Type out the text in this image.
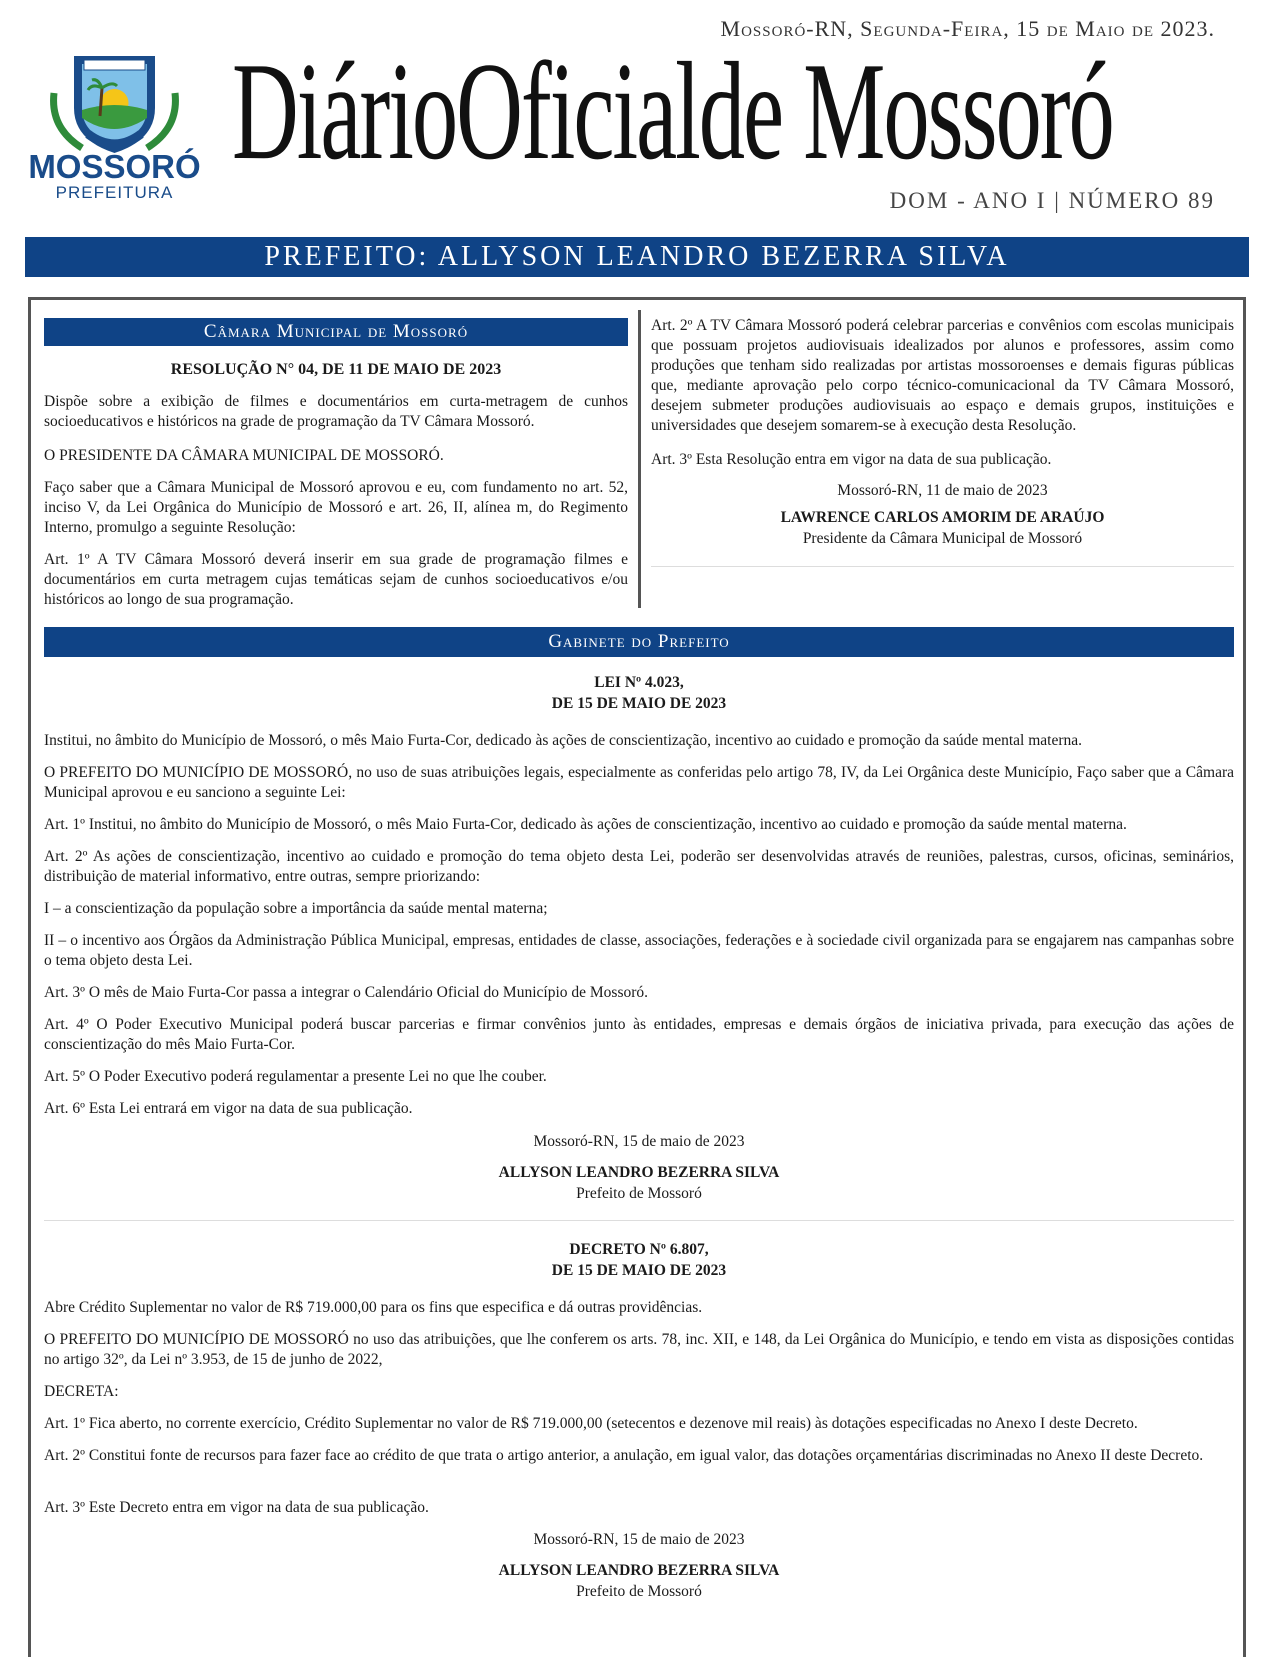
Mossoró-RN, Segunda-Feira, 15 de Maio de 2023.
MOSSORÓ
PREFEITURA
DiárioOficialde Mossoró
DOM - ANO I | NÚMERO 89
PREFEITO: ALLYSON LEANDRO BEZERRA SILVA
Câmara Municipal de Mossoró
RESOLUÇÃO N° 04, DE 11 DE MAIO DE 2023

Dispõe sobre a exibição de filmes e documentários em curta-metragem de cunhos socioeducativos e históricos na grade de programação da TV Câmara Mossoró.

O PRESIDENTE DA CÂMARA MUNICIPAL DE MOSSORÓ.

Faço saber que a Câmara Municipal de Mossoró aprovou e eu, com fundamento no art. 52, inciso V, da Lei Orgânica do Município de Mossoró e art. 26, II, alínea m, do Regimento Interno, promulgo a seguinte Resolução:

Art. 1º A TV Câmara Mossoró deverá inserir em sua grade de programação filmes e documentários em curta metragem cujas temáticas sejam de cunhos socioeducativos e/ou históricos ao longo de sua programação.

Art. 2º A TV Câmara Mossoró poderá celebrar parcerias e convênios com escolas municipais que possuam projetos audiovisuais idealizados por alunos e professores, assim como produções que tenham sido realizadas por artistas mossoroenses e demais figuras públicas que, mediante aprovação pelo corpo técnico-comunicacional da TV Câmara Mossoró, desejem submeter produções audiovisuais ao espaço e demais grupos, instituições e universidades que desejem somarem-se à execução desta Resolução.

Art. 3º Esta Resolução entra em vigor na data de sua publicação.

Mossoró-RN, 11 de maio de 2023
LAWRENCE CARLOS AMORIM DE ARAÚJO
Presidente da Câmara Municipal de Mossoró
Gabinete do Prefeito
LEI Nº 4.023,
DE 15 DE MAIO DE 2023

Institui, no âmbito do Município de Mossoró, o mês Maio Furta-Cor, dedicado às ações de conscientização, incentivo ao cuidado e promoção da saúde mental materna.

O PREFEITO DO MUNICÍPIO DE MOSSORÓ, no uso de suas atribuições legais, especialmente as conferidas pelo artigo 78, IV, da Lei Orgânica deste Município, Faço saber que a Câmara Municipal aprovou e eu sanciono a seguinte Lei:

Art. 1º Institui, no âmbito do Município de Mossoró, o mês Maio Furta-Cor, dedicado às ações de conscientização, incentivo ao cuidado e promoção da saúde mental materna.

Art. 2º As ações de conscientização, incentivo ao cuidado e promoção do tema objeto desta Lei, poderão ser desenvolvidas através de reuniões, palestras, cursos, oficinas, seminários, distribuição de material informativo, entre outras, sempre priorizando:

I – a conscientização da população sobre a importância da saúde mental materna;

II – o incentivo aos Órgãos da Administração Pública Municipal, empresas, entidades de classe, associações, federações e à sociedade civil organizada para se engajarem nas campanhas sobre o tema objeto desta Lei.

Art. 3º O mês de Maio Furta-Cor passa a integrar o Calendário Oficial do Município de Mossoró.

Art. 4º O Poder Executivo Municipal poderá buscar parcerias e firmar convênios junto às entidades, empresas e demais órgãos de iniciativa privada, para execução das ações de conscientização do mês Maio Furta-Cor.

Art. 5º O Poder Executivo poderá regulamentar a presente Lei no que lhe couber.

Art. 6º Esta Lei entrará em vigor na data de sua publicação.

Mossoró-RN, 15 de maio de 2023
ALLYSON LEANDRO BEZERRA SILVA
Prefeito de Mossoró
DECRETO Nº 6.807,
DE 15 DE MAIO DE 2023

Abre Crédito Suplementar no valor de R$ 719.000,00 para os fins que especifica e dá outras providências.

O PREFEITO DO MUNICÍPIO DE MOSSORÓ no uso das atribuições, que lhe conferem os arts. 78, inc. XII, e 148, da Lei Orgânica do Município, e tendo em vista as disposições contidas no artigo 32º, da Lei nº 3.953, de 15 de junho de 2022,

DECRETA:

Art. 1º Fica aberto, no corrente exercício, Crédito Suplementar no valor de R$ 719.000,00 (setecentos e dezenove mil reais) às dotações especificadas no Anexo I deste Decreto.

Art. 2º Constitui fonte de recursos para fazer face ao crédito de que trata o artigo anterior, a anulação, em igual valor, das dotações orçamentárias discriminadas no Anexo II deste Decreto.

Art. 3º Este Decreto entra em vigor na data de sua publicação.

Mossoró-RN, 15 de maio de 2023
ALLYSON LEANDRO BEZERRA SILVA
Prefeito de Mossoró
